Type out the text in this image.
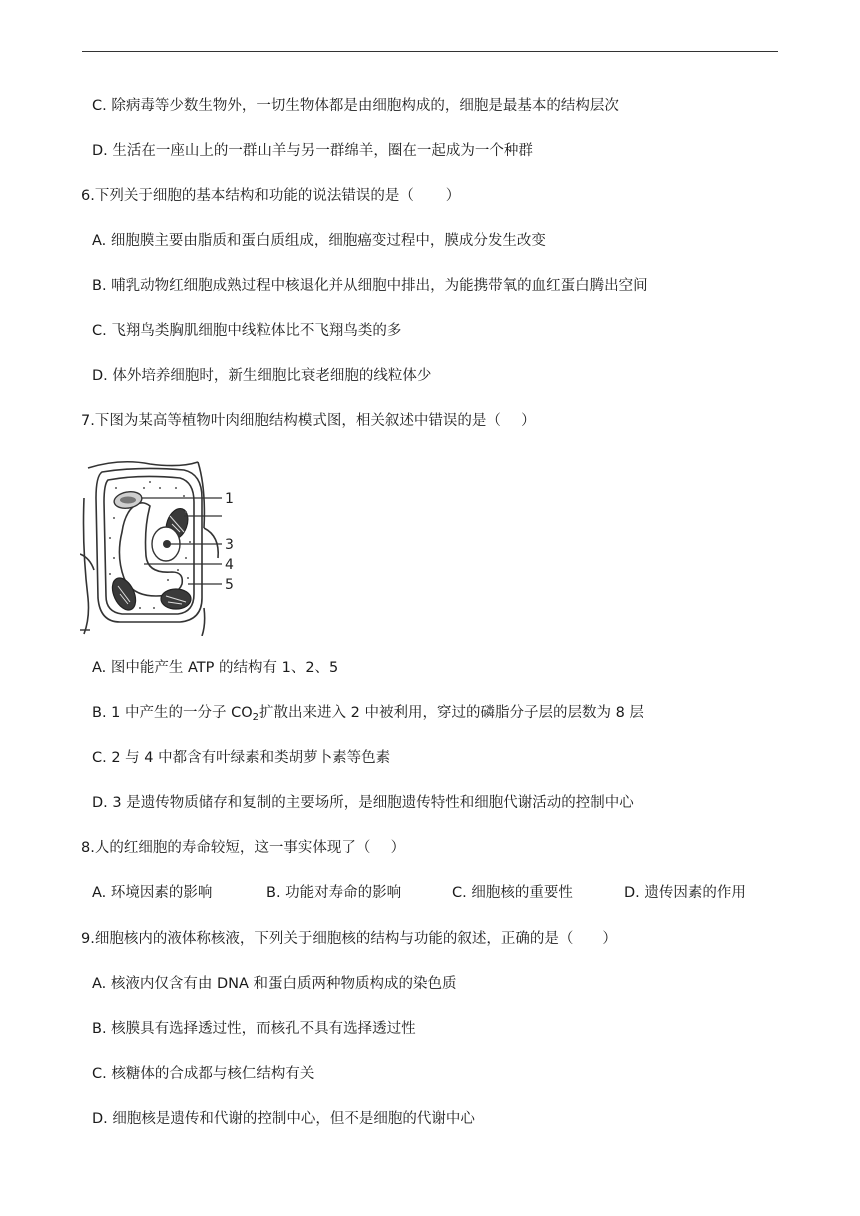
C. 除病毒等少数生物外，一切生物体都是由细胞构成的，细胞是最基本的结构层次
D. 生活在一座山上的一群山羊与另一群绵羊，圈在一起成为一个种群
6.下列关于细胞的基本结构和功能的说法错误的是（ ）
A. 细胞膜主要由脂质和蛋白质组成，细胞癌变过程中，膜成分发生改变
B. 哺乳动物红细胞成熟过程中核退化并从细胞中排出，为能携带氧的血红蛋白腾出空间
C. 飞翔鸟类胸肌细胞中线粒体比不飞翔鸟类的多
D. 体外培养细胞时，新生细胞比衰老细胞的线粒体少
7.下图为某高等植物叶肉细胞结构模式图，相关叙述中错误的是（ ）
1
3
4
5
A. 图中能产生 ATP 的结构有 1、2、5
B. 1 中产生的一分子 $CO_2$扩散出来进入 2 中被利用，穿过的磷脂分子层的层数为 8 层
C. 2 与 4 中都含有叶绿素和类胡萝卜素等色素
D. 3 是遗传物质储存和复制的主要场所，是细胞遗传特性和细胞代谢活动的控制中心
8.人的红细胞的寿命较短，这一事实体现了（ ）
A. 环境因素的影响	B. 功能对寿命的影响	C. 细胞核的重要性	D. 遗传因素的作用
9.细胞核内的液体称核液，下列关于细胞核的结构与功能的叙述，正确的是（ ）
A. 核液内仅含有由 DNA 和蛋白质两种物质构成的染色质
B. 核膜具有选择透过性，而核孔不具有选择透过性
C. 核糖体的合成都与核仁结构有关
D. 细胞核是遗传和代谢的控制中心，但不是细胞的代谢中心
